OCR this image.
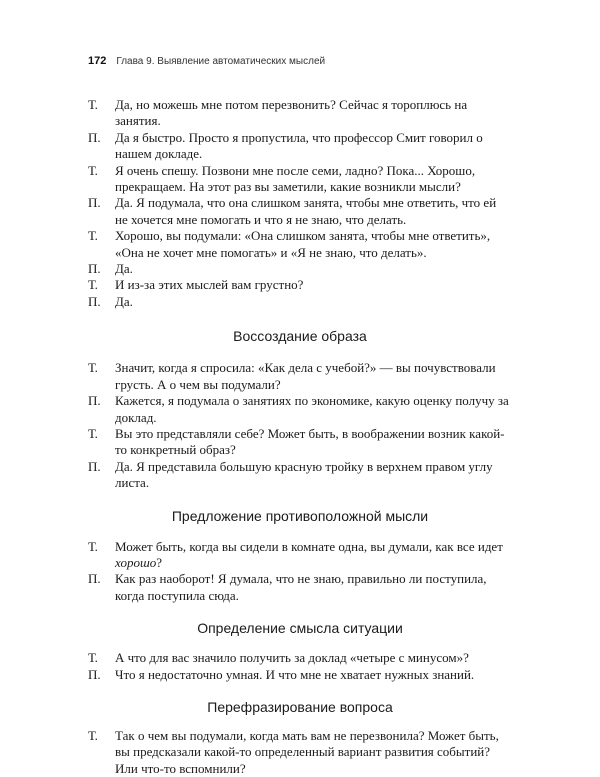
172 Глава 9. Выявление автоматических мыслей
Т. Да, но можешь мне потом перезвонить? Сейчас я тороплюсь на занятия.
П. Да я быстро. Просто я пропустила, что профессор Смит говорил о нашем докладе.
Т. Я очень спешу. Позвони мне после семи, ладно? Пока... Хорошо, прекращаем. На этот раз вы заметили, какие возникли мысли?
П. Да. Я подумала, что она слишком занята, чтобы мне ответить, что ей не хочется мне помогать и что я не знаю, что делать.
Т. Хорошо, вы подумали: «Она слишком занята, чтобы мне ответить», «Она не хочет мне помогать» и «Я не знаю, что делать».
П. Да.
Т. И из-за этих мыслей вам грустно?
П. Да.
Воссоздание образа
Т. Значит, когда я спросила: «Как дела с учебой?» — вы почувствовали грусть. А о чем вы подумали?
П. Кажется, я подумала о занятиях по экономике, какую оценку получу за доклад.
Т. Вы это представляли себе? Может быть, в воображении возник какой-то конкретный образ?
П. Да. Я представила большую красную тройку в верхнем правом углу листа.
Предложение противоположной мысли
Т. Может быть, когда вы сидели в комнате одна, вы думали, как все идет хорошо?
П. Как раз наоборот! Я думала, что не знаю, правильно ли поступила, когда поступила сюда.
Определение смысла ситуации
Т. А что для вас значило получить за доклад «четыре с минусом»?
П. Что я недостаточно умная. И что мне не хватает нужных знаний.
Перефразирование вопроса
Т. Так о чем вы подумали, когда мать вам не перезвонила? Может быть, вы предсказали какой-то определенный вариант развития событий? Или что-то вспомнили?
